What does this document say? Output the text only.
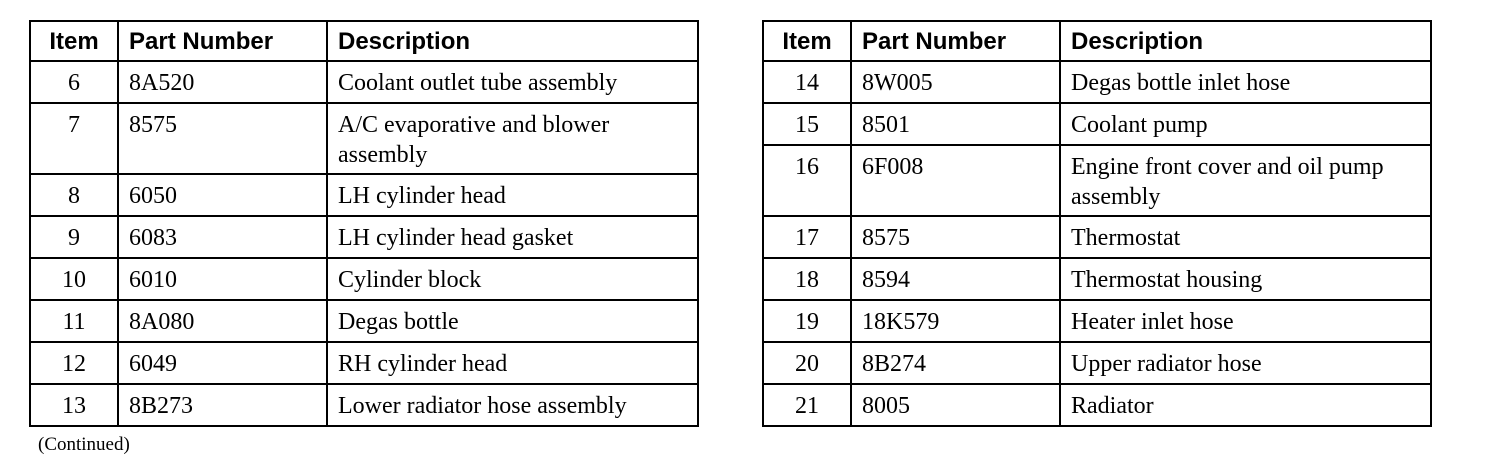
Item	Part Number	Description
6	8A520	Coolant outlet tube assembly
7	8575	A/C evaporative and blower assembly
8	6050	LH cylinder head
9	6083	LH cylinder head gasket
10	6010	Cylinder block
11	8A080	Degas bottle
12	6049	RH cylinder head
13	8B273	Lower radiator hose assembly
Item	Part Number	Description
14	8W005	Degas bottle inlet hose
15	8501	Coolant pump
16	6F008	Engine front cover and oil pump assembly
17	8575	Thermostat
18	8594	Thermostat housing
19	18K579	Heater inlet hose
20	8B274	Upper radiator hose
21	8005	Radiator
(Continued)
